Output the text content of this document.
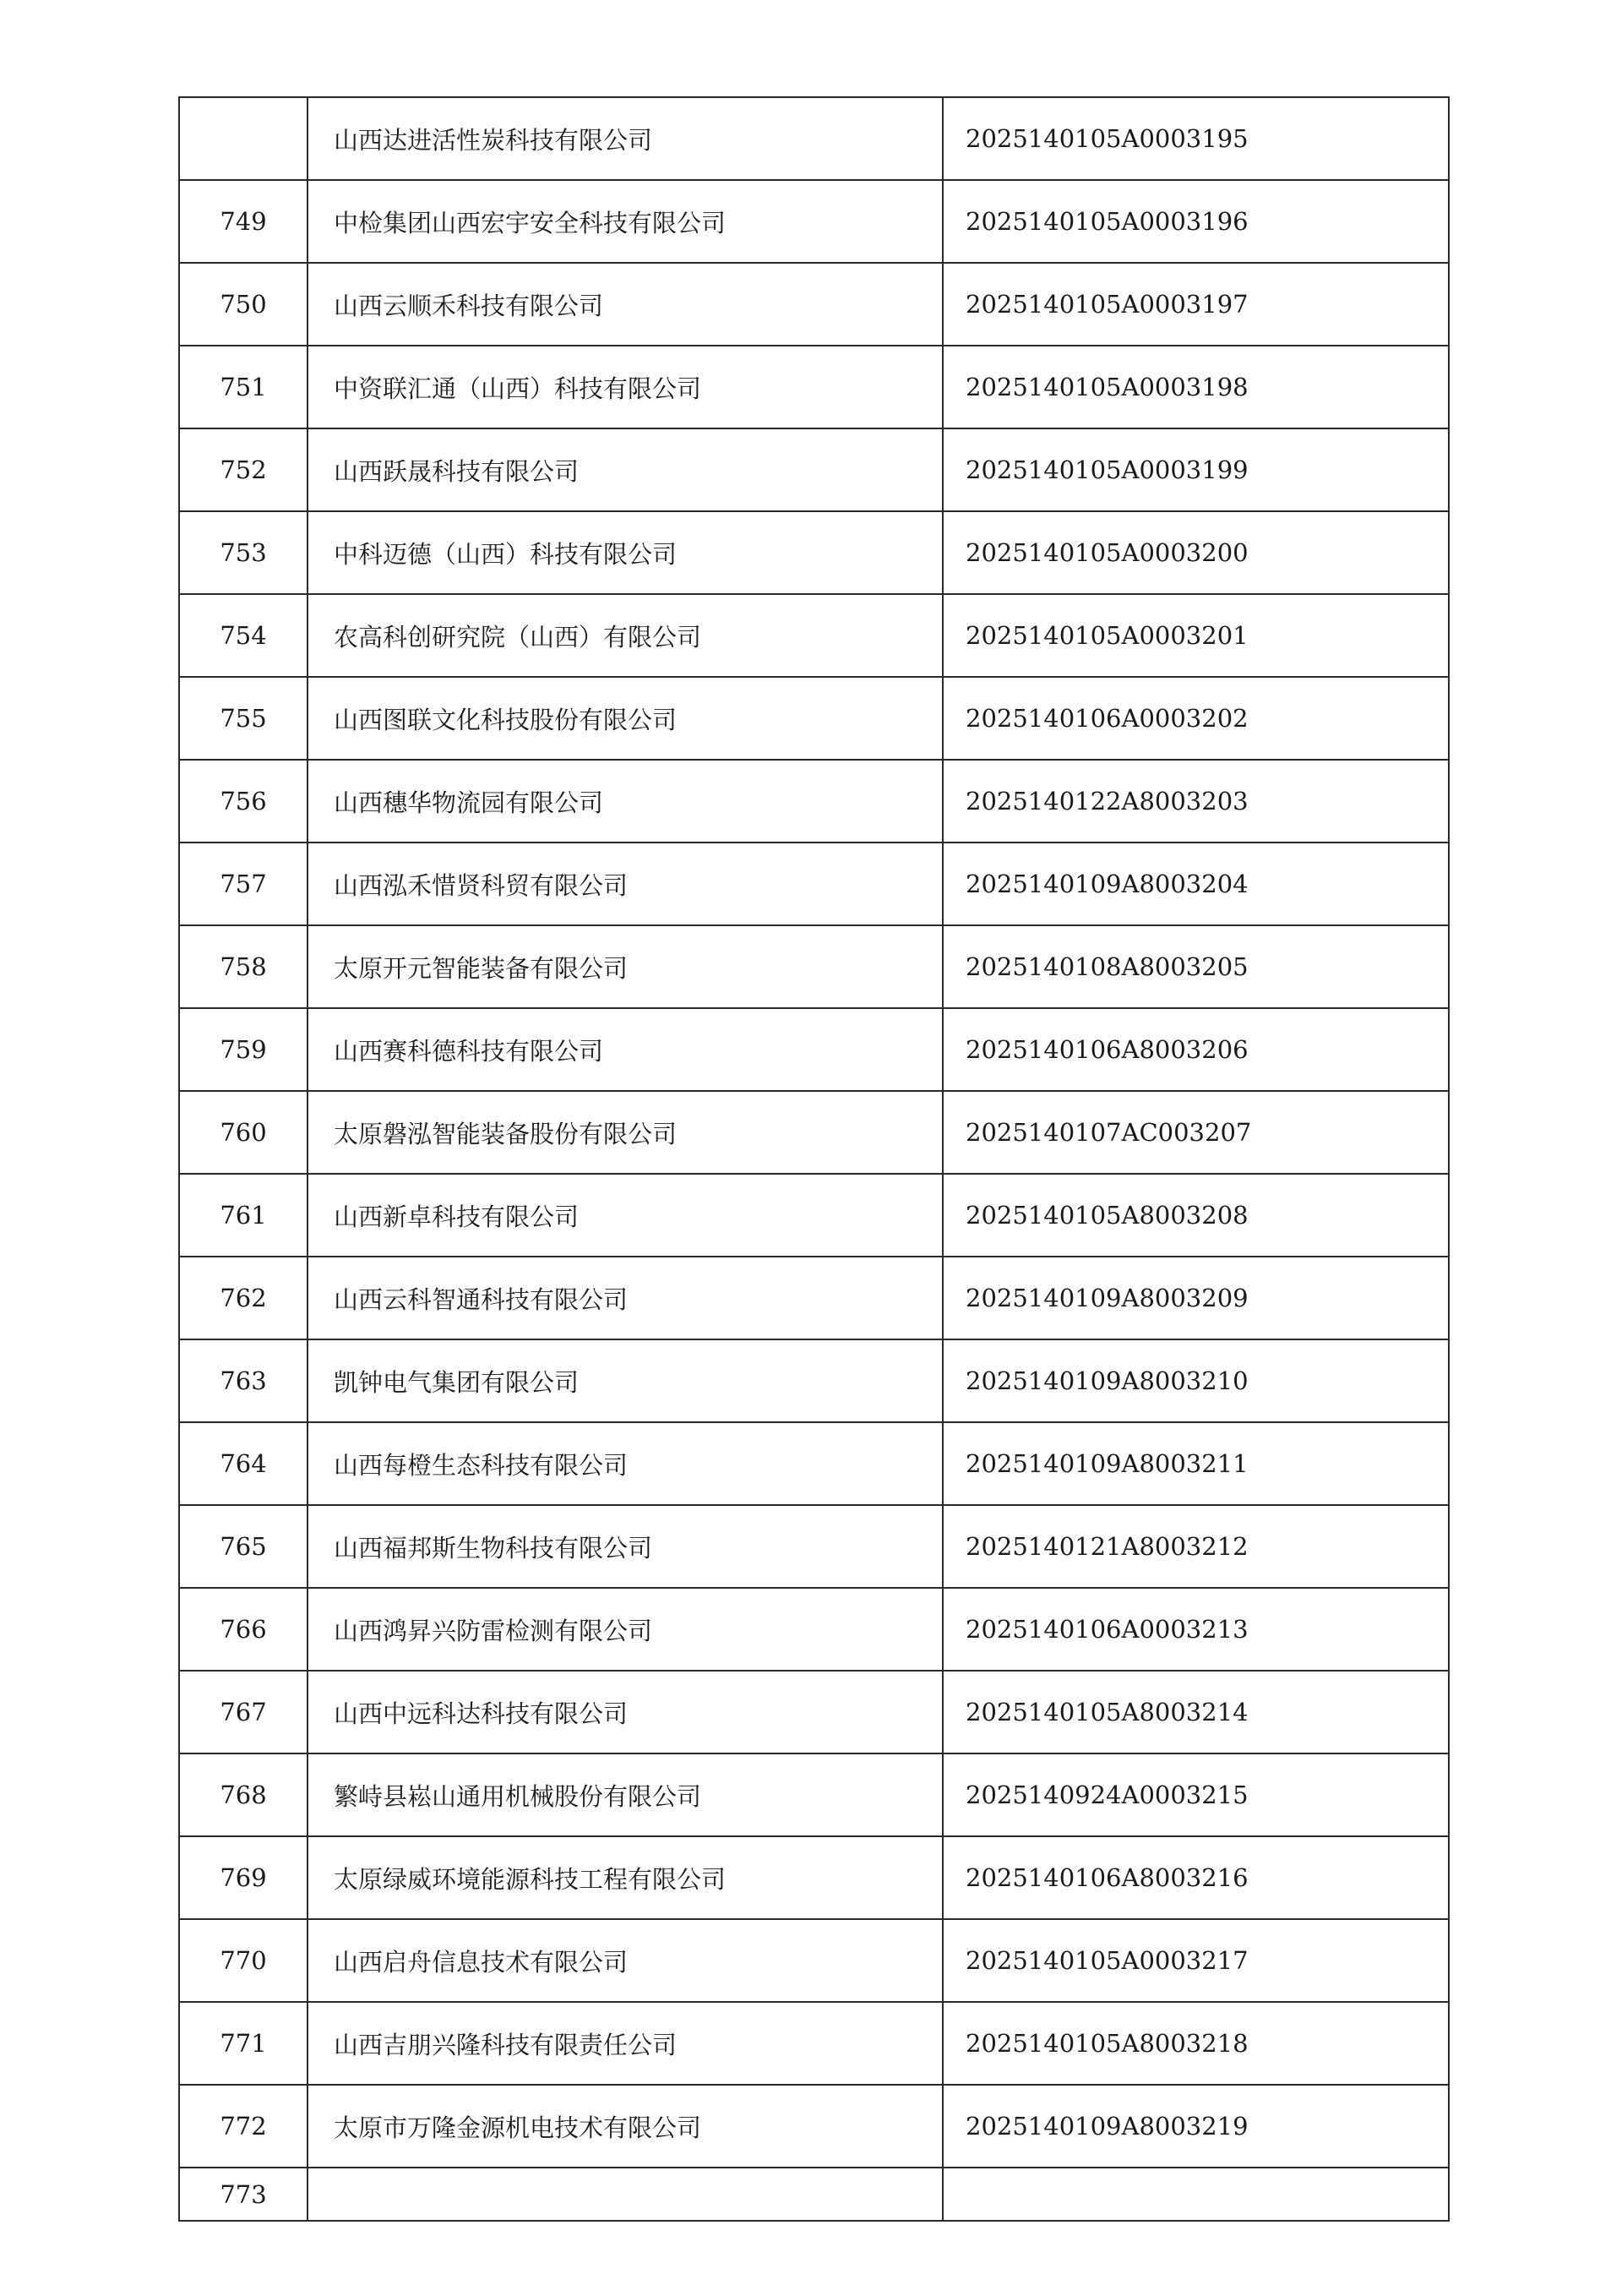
	山西达进活性炭科技有限公司	2025140105A0003195
749	中检集团山西宏宇安全科技有限公司	2025140105A0003196
750	山西云顺禾科技有限公司	2025140105A0003197
751	中资联汇通（山西）科技有限公司	2025140105A0003198
752	山西跃晟科技有限公司	2025140105A0003199
753	中科迈德（山西）科技有限公司	2025140105A0003200
754	农高科创研究院（山西）有限公司	2025140105A0003201
755	山西图联文化科技股份有限公司	2025140106A0003202
756	山西穗华物流园有限公司	2025140122A8003203
757	山西泓禾惜贤科贸有限公司	2025140109A8003204
758	太原开元智能装备有限公司	2025140108A8003205
759	山西赛科德科技有限公司	2025140106A8003206
760	太原磐泓智能装备股份有限公司	2025140107AC003207
761	山西新卓科技有限公司	2025140105A8003208
762	山西云科智通科技有限公司	2025140109A8003209
763	凯钟电气集团有限公司	2025140109A8003210
764	山西每橙生态科技有限公司	2025140109A8003211
765	山西福邦斯生物科技有限公司	2025140121A8003212
766	山西鸿昇兴防雷检测有限公司	2025140106A0003213
767	山西中远科达科技有限公司	2025140105A8003214
768	繁峙县崧山通用机械股份有限公司	2025140924A0003215
769	太原绿威环境能源科技工程有限公司	2025140106A8003216
770	山西启舟信息技术有限公司	2025140105A0003217
771	山西吉朋兴隆科技有限责任公司	2025140105A8003218
772	太原市万隆金源机电技术有限公司	2025140109A8003219
773		
